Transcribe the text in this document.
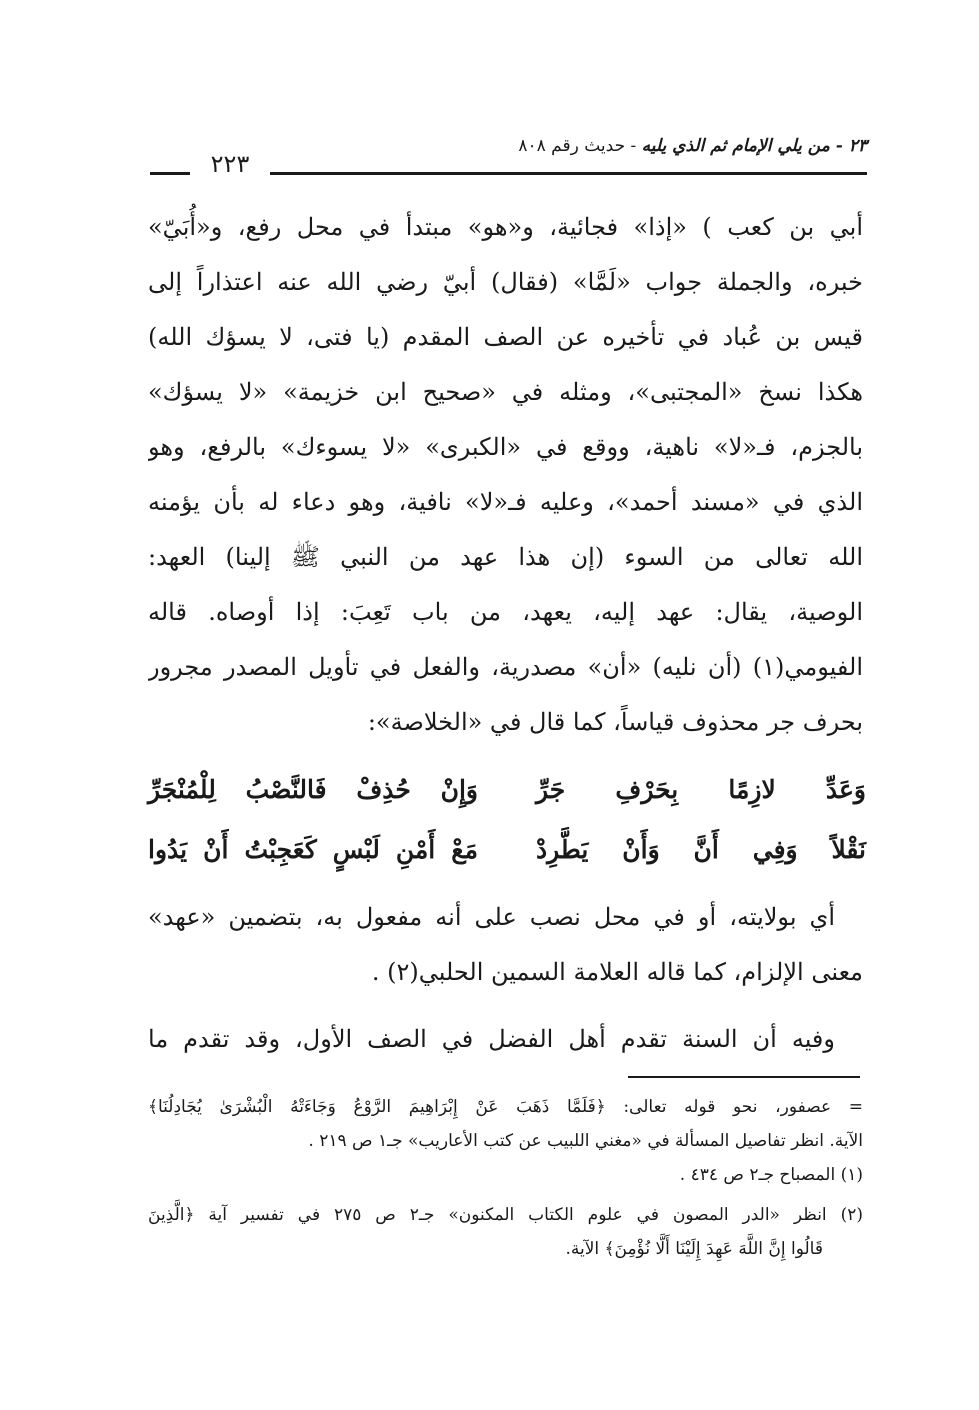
٢٢٣
٢٣ - من يلي الإمام ثم الذي يليه - حديث رقم ٨٠٨
أبي بن كعب ) «إذا» فجائية، و«هو» مبتدأ في محل رفع، و«أُبَيّ»
خبره، والجملة جواب «لَمَّا» (فقال) أبيّ رضي الله عنه اعتذاراً إلى
قيس بن عُباد في تأخيره عن الصف المقدم (يا فتى، لا يسؤك الله)
هكذا نسخ «المجتبى»، ومثله في «صحيح ابن خزيمة» «لا يسؤك»
بالجزم، فـ«لا» ناهية، ووقع في «الكبرى» «لا يسوءك» بالرفع، وهو
الذي في «مسند أحمد»، وعليه فـ«لا» نافية، وهو دعاء له بأن يؤمنه
الله تعالى من السوء (إن هذا عهد من النبي ﷺ إلينا) العهد:
الوصية، يقال: عهد إليه، يعهد، من باب تَعِبَ: إذا أوصاه. قاله
الفيومي(١) (أن نليه) «أن» مصدرية، والفعل في تأويل المصدر مجرور
بحرف جر محذوف قياساً، كما قال في «الخلاصة»:
وَعَدِّ لازِمًا بِحَرْفِ جَرِّ
وَإِنْ حُذِفْ فَالنَّصْبُ لِلْمُنْجَرِّ
نَقْلاً وَفِي أَنَّ وَأَنْ يَطَّرِدْ
مَعْ أَمْنِ لَبْسٍ كَعَجِبْتُ أَنْ يَدُوا
أي بولايته، أو في محل نصب على أنه مفعول به، بتضمين «عهد»
معنى الإلزام، كما قاله العلامة السمين الحلبي(٢) .
وفيه أن السنة تقدم أهل الفضل في الصف الأول، وقد تقدم ما
= عصفور، نحو قوله تعالى: ﴿فَلَمَّا ذَهَبَ عَنْ إِبْرَاهِيمَ الرَّوْعُ وَجَاءَتْهُ الْبُشْرَىٰ يُجَادِلُنَا﴾
الآية. انظر تفاصيل المسألة في «مغني اللبيب عن كتب الأعاريب» جـ١ ص ٢١٩ .
(١) المصباح جـ٢ ص ٤٣٤ .
(٢) انظر «الدر المصون في علوم الكتاب المكنون» جـ٢ ص ٢٧٥ في تفسير آية ﴿الَّذِينَ
قَالُوا إِنَّ اللَّهَ عَهِدَ إِلَيْنَا أَلَّا نُؤْمِنَ﴾ الآية.
